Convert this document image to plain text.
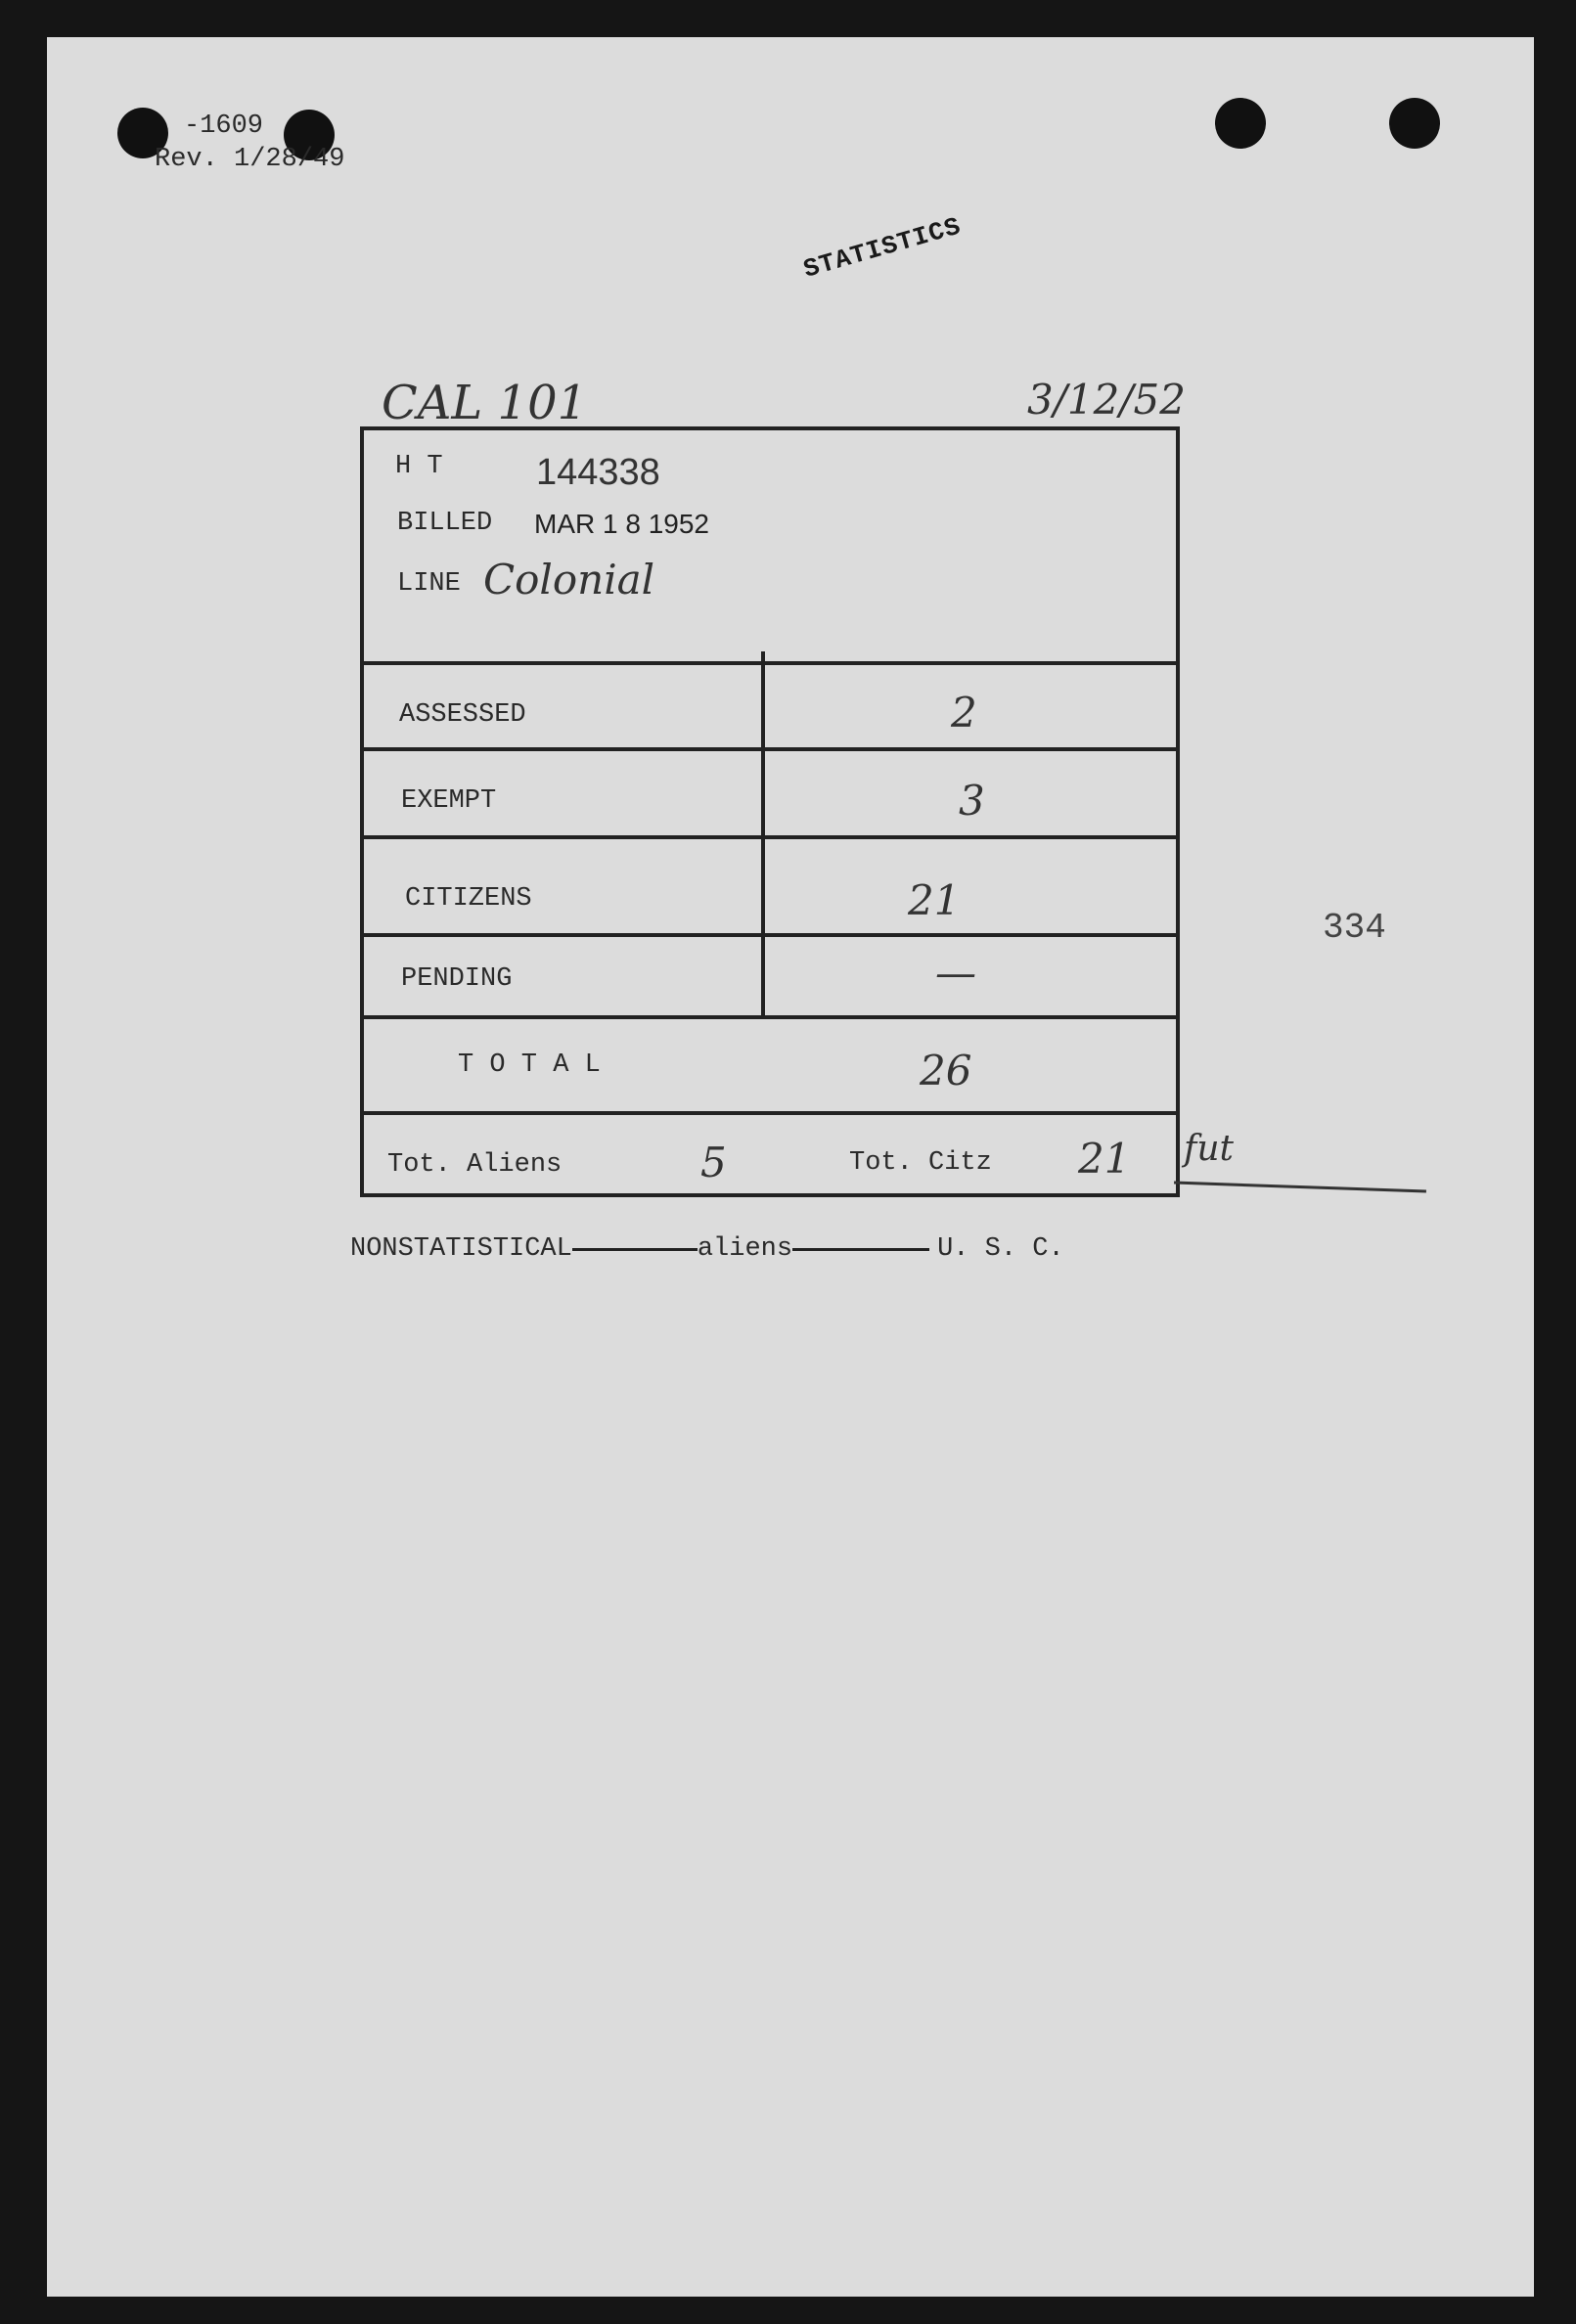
-1609
Rev. 1/28/49
STATISTICS
CAL 101	3/12/52
H T	144338
BILLED MAR 1 8 1952
LINE Colonial
ASSESSED	2
EXEMPT	3
CITIZENS	21
PENDING	—
T O T A L	26
Tot. Aliens	5	Tot. Citz 21
334
fut
NONSTATISTICAL	aliens	U. S. C.
